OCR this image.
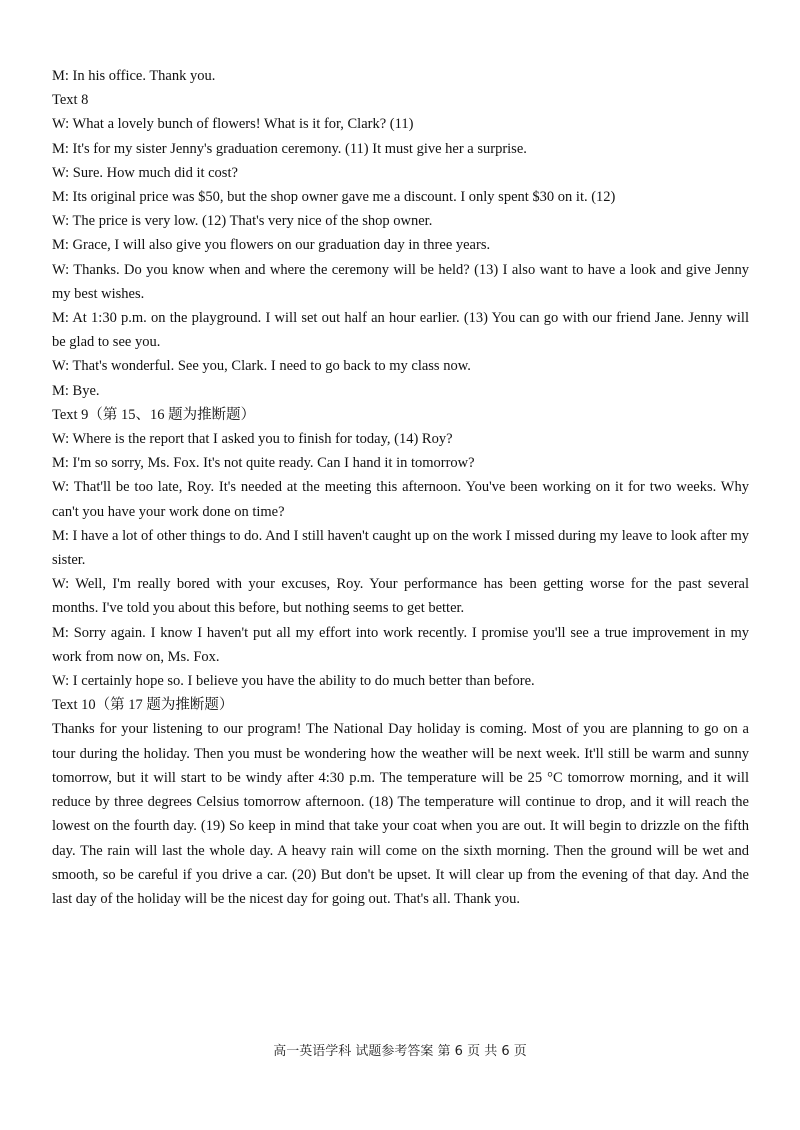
M: In his office. Thank you.

Text 8

W: What a lovely bunch of flowers! What is it for, Clark? (11)

M: It's for my sister Jenny's graduation ceremony. (11) It must give her a surprise.

W: Sure. How much did it cost?

M: Its original price was $50, but the shop owner gave me a discount. I only spent $30 on it. (12)

W: The price is very low. (12) That's very nice of the shop owner.

M: Grace, I will also give you flowers on our graduation day in three years.

W: Thanks. Do you know when and where the ceremony will be held? (13) I also want to have a look and give Jenny my best wishes.

M: At 1:30 p.m. on the playground. I will set out half an hour earlier. (13) You can go with our friend Jane. Jenny will be glad to see you.

W: That's wonderful. See you, Clark. I need to go back to my class now.

M: Bye.

Text 9（第 15、16 题为推断题）

W: Where is the report that I asked you to finish for today, (14) Roy?

M: I'm so sorry, Ms. Fox. It's not quite ready. Can I hand it in tomorrow?

W: That'll be too late, Roy. It's needed at the meeting this afternoon. You've been working on it for two weeks. Why can't you have your work done on time?

M: I have a lot of other things to do. And I still haven't caught up on the work I missed during my leave to look after my sister.

W: Well, I'm really bored with your excuses, Roy. Your performance has been getting worse for the past several months. I've told you about this before, but nothing seems to get better.

M: Sorry again. I know I haven't put all my effort into work recently. I promise you'll see a true improvement in my work from now on, Ms. Fox.

W: I certainly hope so. I believe you have the ability to do much better than before.

Text 10（第 17 题为推断题）

Thanks for your listening to our program! The National Day holiday is coming. Most of you are planning to go on a tour during the holiday. Then you must be wondering how the weather will be next week. It'll still be warm and sunny tomorrow, but it will start to be windy after 4:30 p.m. The temperature will be 25 °C tomorrow morning, and it will reduce by three degrees Celsius tomorrow afternoon. (18) The temperature will continue to drop, and it will reach the lowest on the fourth day. (19) So keep in mind that take your coat when you are out. It will begin to drizzle on the fifth day. The rain will last the whole day. A heavy rain will come on the sixth morning. Then the ground will be wet and smooth, so be careful if you drive a car. (20) But don't be upset. It will clear up from the evening of that day. And the last day of the holiday will be the nicest day for going out. That's all. Thank you.

高一英语学科 试题参考答案 第 6 页 共 6 页
